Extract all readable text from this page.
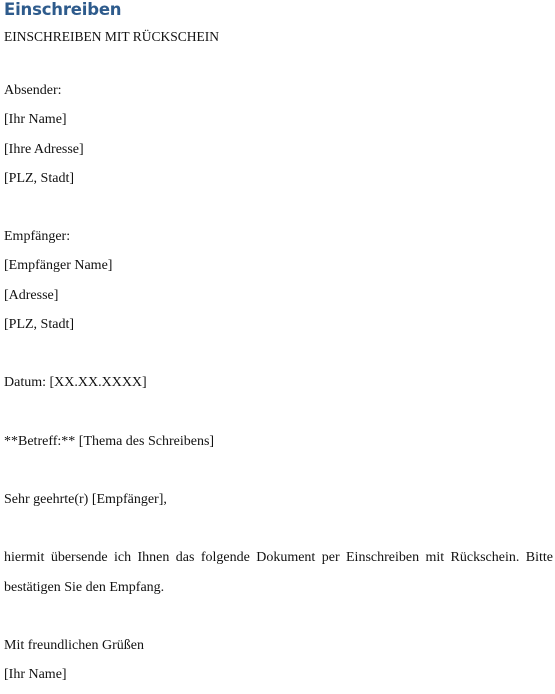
Einschreiben

EINSCHREIBEN MIT RÜCKSCHEIN

Absender:

[Ihr Name]

[Ihre Adresse]

[PLZ, Stadt]

Empfänger:

[Empfänger Name]

[Adresse]

[PLZ, Stadt]

Datum: [XX.XX.XXXX]

**Betreff:** [Thema des Schreibens]

Sehr geehrte(r) [Empfänger],

hiermit übersende ich Ihnen das folgende Dokument per Einschreiben mit Rückschein. Bitte bestätigen Sie den Empfang.

Mit freundlichen Grüßen

[Ihr Name]
